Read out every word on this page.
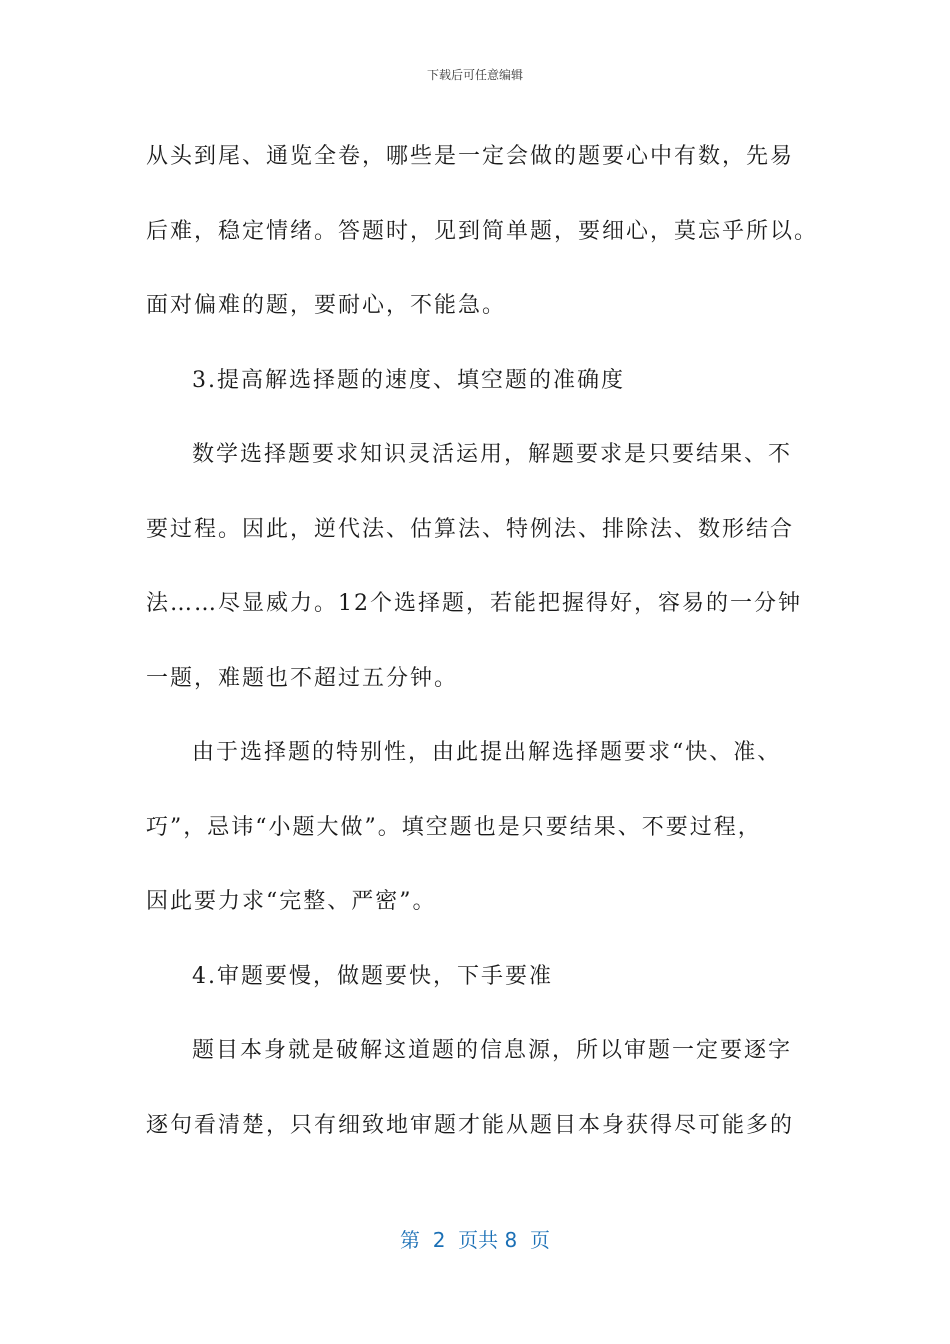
下载后可任意编辑

从头到尾、通览全卷，哪些是一定会做的题要心中有数，先易

后难，稳定情绪。答题时，见到简单题，要细心，莫忘乎所以。

面对偏难的题，要耐心，不能急。

3.提高解选择题的速度、填空题的准确度

数学选择题要求知识灵活运用，解题要求是只要结果、不

要过程。因此，逆代法、估算法、特例法、排除法、数形结合

法……尽显威力。12个选择题，若能把握得好，容易的一分钟

一题，难题也不超过五分钟。

由于选择题的特别性，由此提出解选择题要求“快、准、

巧”，忌讳“小题大做”。填空题也是只要结果、不要过程，

因此要力求“完整、严密”。

4.审题要慢，做题要快，下手要准

题目本身就是破解这道题的信息源，所以审题一定要逐字

逐句看清楚，只有细致地审题才能从题目本身获得尽可能多的

第  2  页共 8  页
